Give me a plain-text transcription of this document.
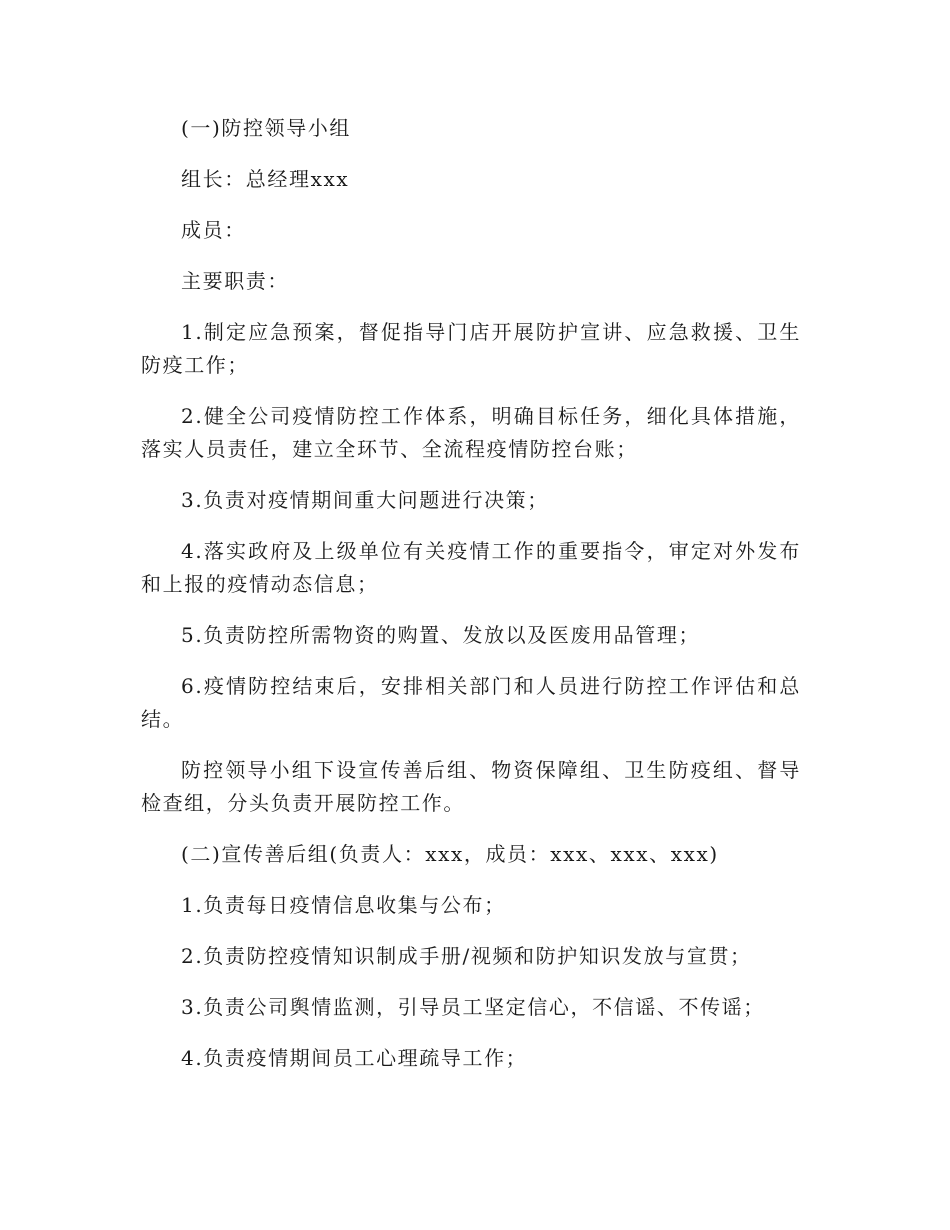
(一)防控领导小组

组长：总经理xxx

成员：

主要职责：

1.制定应急预案，督促指导门店开展防护宣讲、应急救援、卫生防疫工作；

2.健全公司疫情防控工作体系，明确目标任务，细化具体措施，落实人员责任，建立全环节、全流程疫情防控台账；

3.负责对疫情期间重大问题进行决策；

4.落实政府及上级单位有关疫情工作的重要指令，审定对外发布和上报的疫情动态信息；

5.负责防控所需物资的购置、发放以及医废用品管理；

6.疫情防控结束后，安排相关部门和人员进行防控工作评估和总结。

防控领导小组下设宣传善后组、物资保障组、卫生防疫组、督导检查组，分头负责开展防控工作。

(二)宣传善后组(负责人：xxx，成员：xxx、xxx、xxx)

1.负责每日疫情信息收集与公布；

2.负责防控疫情知识制成手册/视频和防护知识发放与宣贯；

3.负责公司舆情监测，引导员工坚定信心，不信谣、不传谣；

4.负责疫情期间员工心理疏导工作；
